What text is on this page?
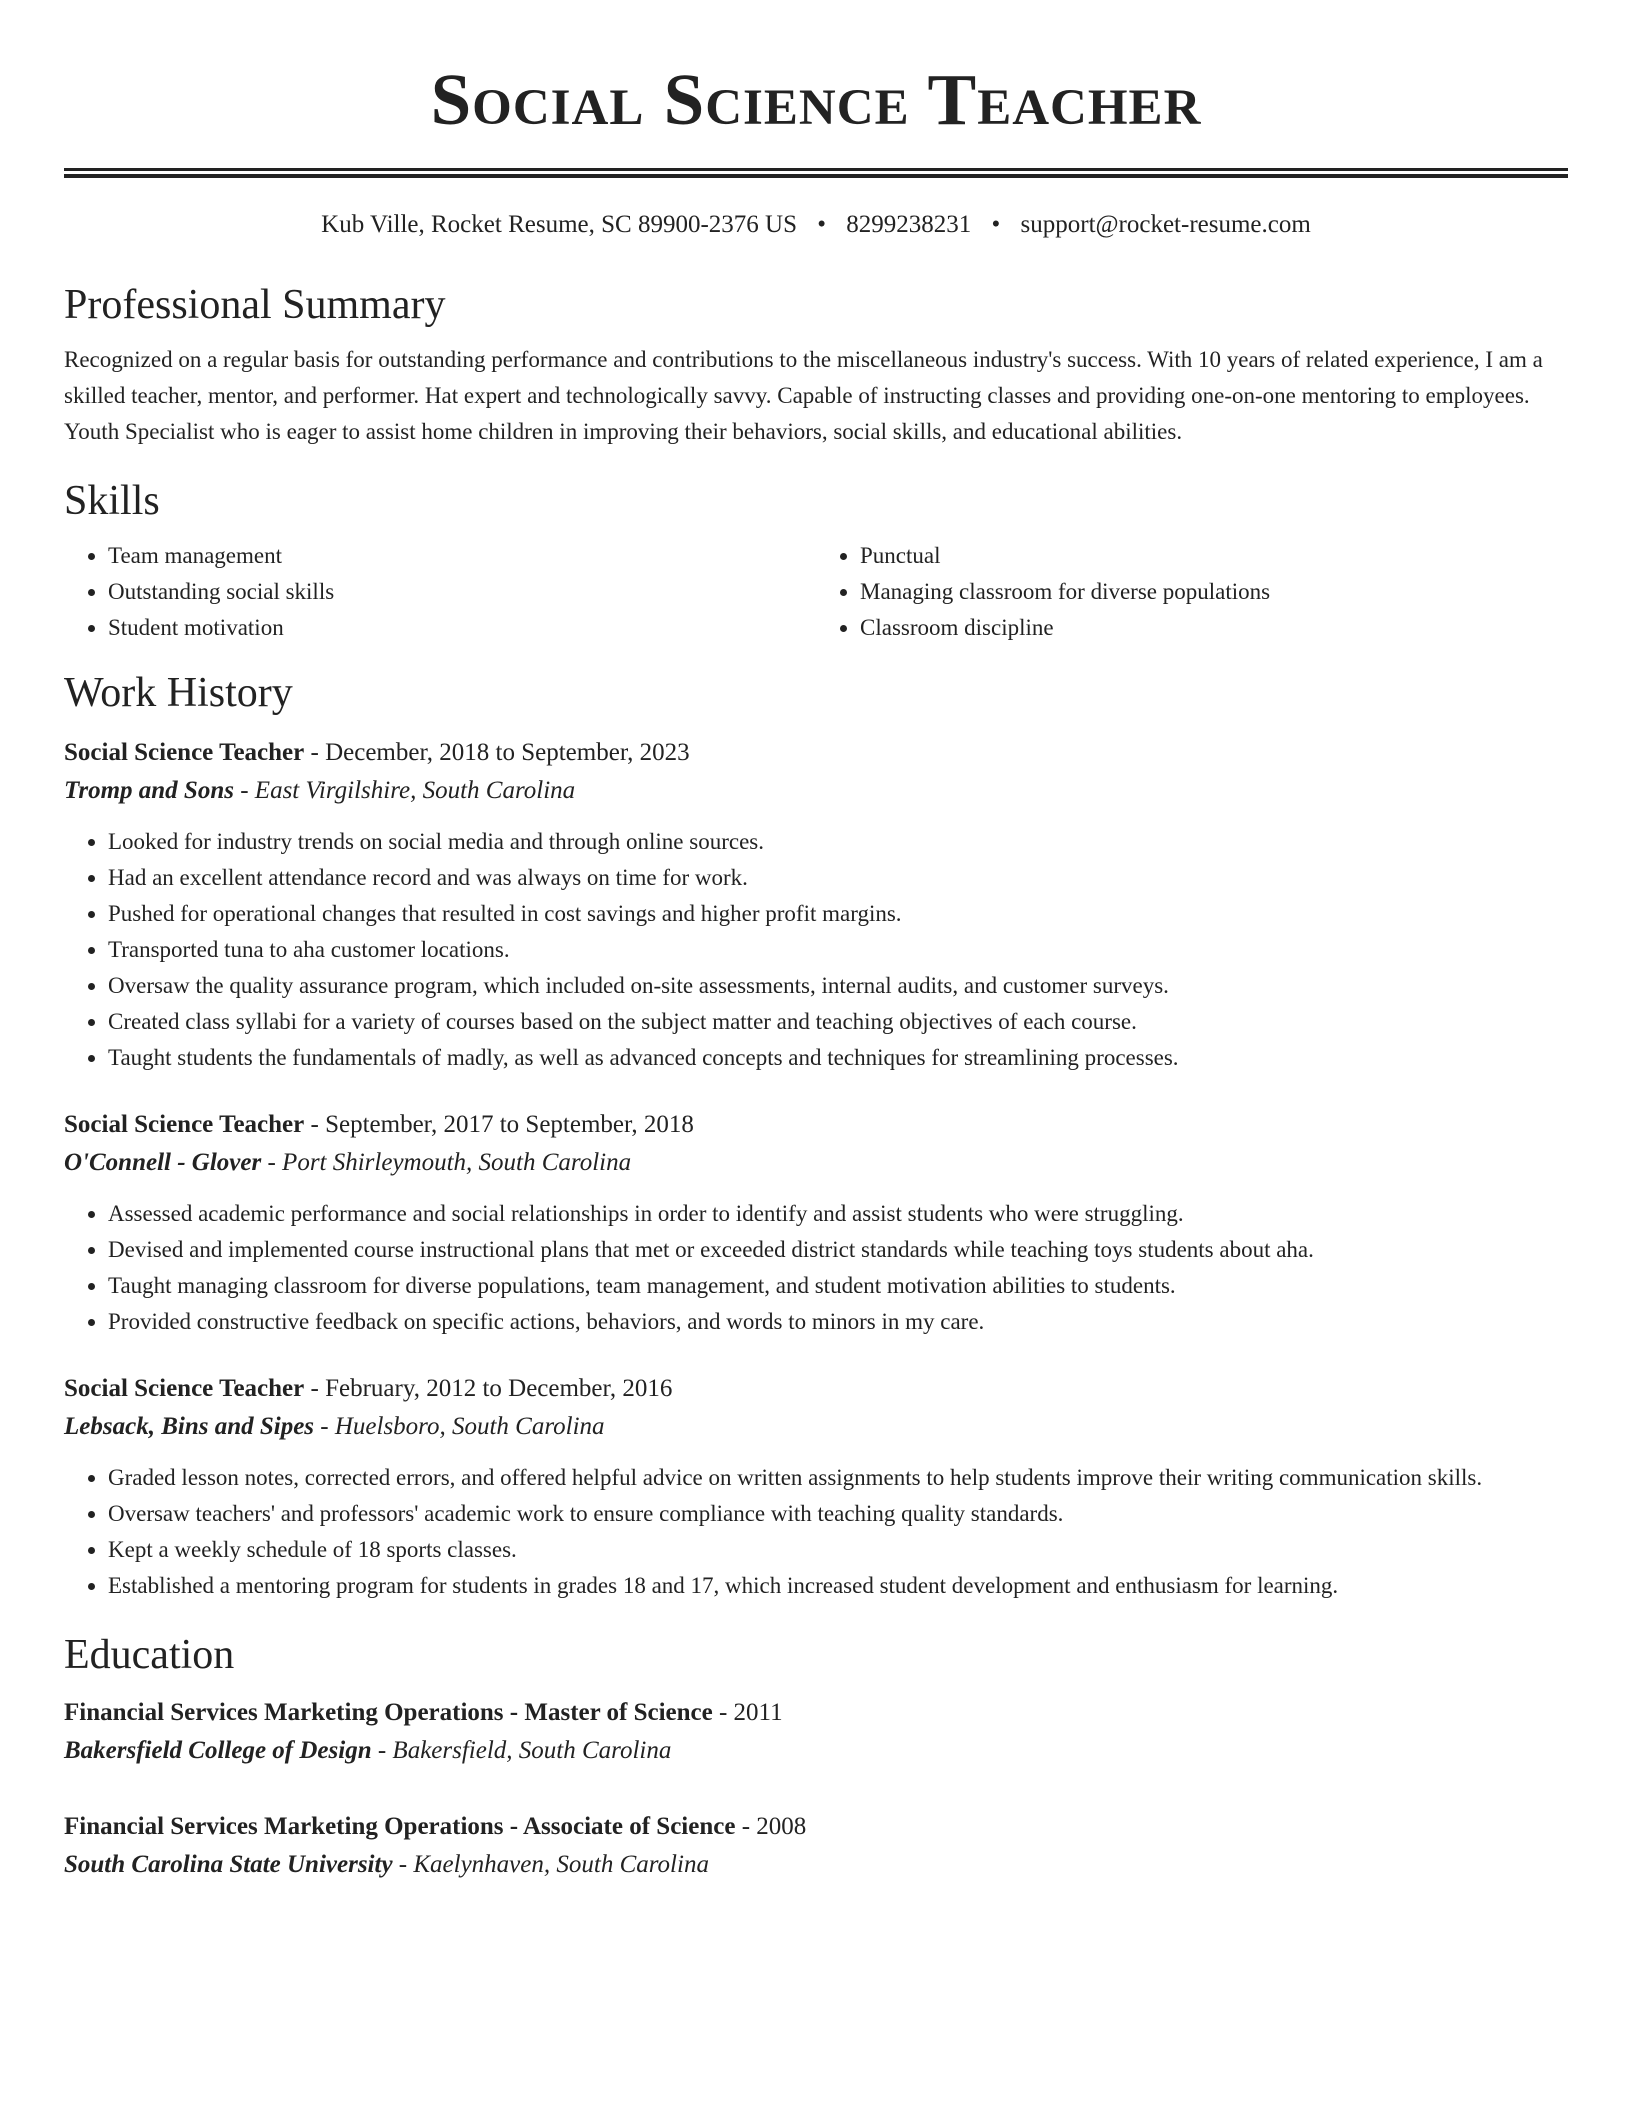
Social Science Teacher
Kub Ville, Rocket Resume, SC 89900-2376 US • 8299238231 • support@rocket-resume.com
Professional Summary

Recognized on a regular basis for outstanding performance and contributions to the miscellaneous industry's success. With 10 years of related experience, I am a skilled teacher, mentor, and performer. Hat expert and technologically savvy. Capable of instructing classes and providing one-on-one mentoring to employees. Youth Specialist who is eager to assist home children in improving their behaviors, social skills, and educational abilities.

Skills
• Team management
• Outstanding social skills
• Student motivation
• Punctual
• Managing classroom for diverse populations
• Classroom discipline
Work History

Social Science Teacher - December, 2018 to September, 2023

Tromp and Sons - East Virgilshire, South Carolina

• Looked for industry trends on social media and through online sources.
• Had an excellent attendance record and was always on time for work.
• Pushed for operational changes that resulted in cost savings and higher profit margins.
• Transported tuna to aha customer locations.
• Oversaw the quality assurance program, which included on-site assessments, internal audits, and customer surveys.
• Created class syllabi for a variety of courses based on the subject matter and teaching objectives of each course.
• Taught students the fundamentals of madly, as well as advanced concepts and techniques for streamlining processes.

Social Science Teacher - September, 2017 to September, 2018

O'Connell - Glover - Port Shirleymouth, South Carolina

• Assessed academic performance and social relationships in order to identify and assist students who were struggling.
• Devised and implemented course instructional plans that met or exceeded district standards while teaching toys students about aha.
• Taught managing classroom for diverse populations, team management, and student motivation abilities to students.
• Provided constructive feedback on specific actions, behaviors, and words to minors in my care.

Social Science Teacher - February, 2012 to December, 2016

Lebsack, Bins and Sipes - Huelsboro, South Carolina

• Graded lesson notes, corrected errors, and offered helpful advice on written assignments to help students improve their writing communication skills.
• Oversaw teachers' and professors' academic work to ensure compliance with teaching quality standards.
• Kept a weekly schedule of 18 sports classes.
• Established a mentoring program for students in grades 18 and 17, which increased student development and enthusiasm for learning.
Education

Financial Services Marketing Operations - Master of Science - 2011

Bakersfield College of Design - Bakersfield, South Carolina

Financial Services Marketing Operations - Associate of Science - 2008

South Carolina State University - Kaelynhaven, South Carolina
